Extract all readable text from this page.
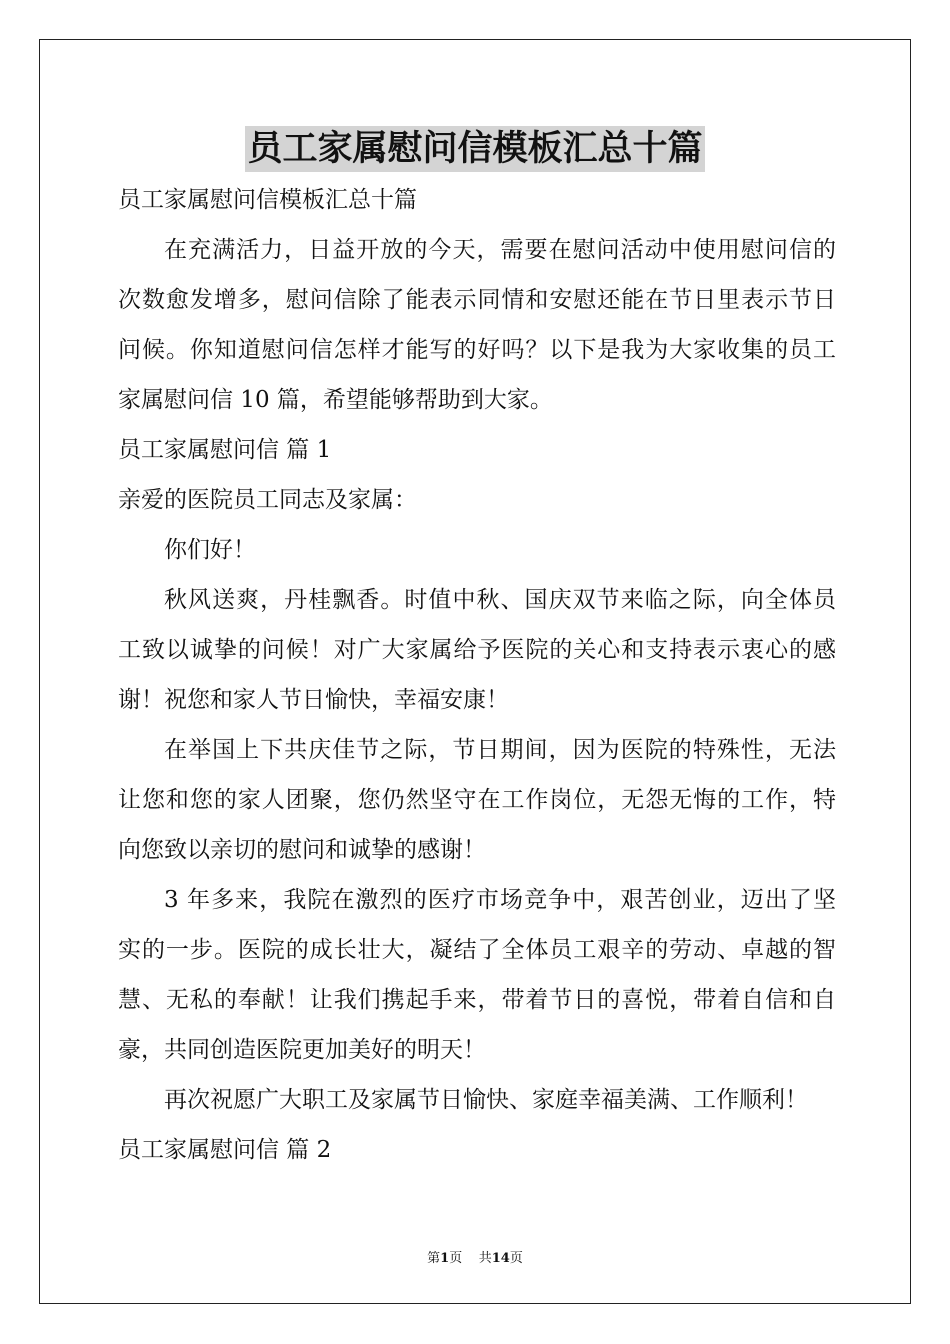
员工家属慰问信模板汇总十篇
员工家属慰问信模板汇总十篇
在充满活力，日益开放的今天，需要在慰问活动中使用慰问信的
次数愈发增多，慰问信除了能表示同情和安慰还能在节日里表示节日
问候。你知道慰问信怎样才能写的好吗？以下是我为大家收集的员工
家属慰问信 10 篇，希望能够帮助到大家。
员工家属慰问信 篇 1
亲爱的医院员工同志及家属：
你们好！
秋风送爽，丹桂飘香。时值中秋、国庆双节来临之际，向全体员
工致以诚挚的问候！对广大家属给予医院的关心和支持表示衷心的感
谢！祝您和家人节日愉快，幸福安康！
在举国上下共庆佳节之际，节日期间，因为医院的特殊性，无法
让您和您的家人团聚，您仍然坚守在工作岗位，无怨无悔的工作，特
向您致以亲切的慰问和诚挚的感谢！
3 年多来，我院在激烈的医疗市场竞争中，艰苦创业，迈出了坚
实的一步。医院的成长壮大，凝结了全体员工艰辛的劳动、卓越的智
慧、无私的奉献！让我们携起手来，带着节日的喜悦，带着自信和自
豪，共同创造医院更加美好的明天！
再次祝愿广大职工及家属节日愉快、家庭幸福美满、工作顺利！
员工家属慰问信 篇 2
第1页 共14页
